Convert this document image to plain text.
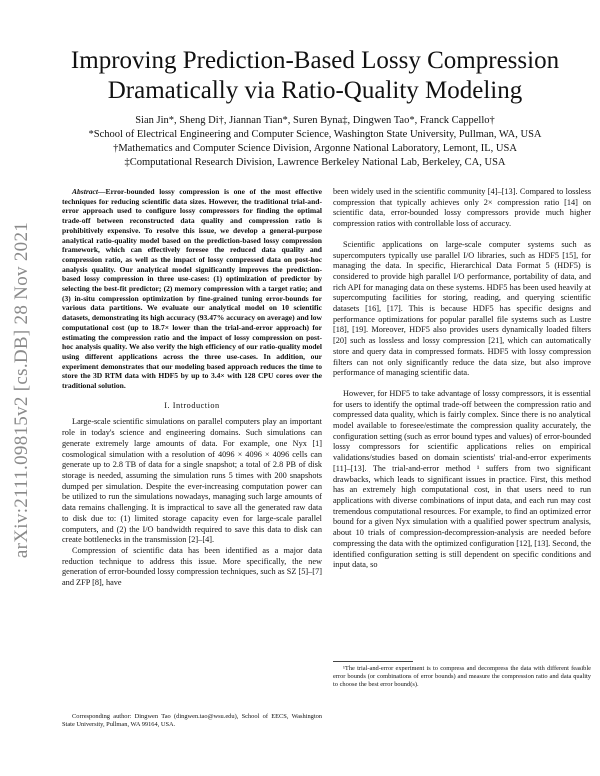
arXiv:2111.09815v2 [cs.DB] 28 Nov 2021
Improving Prediction-Based Lossy Compression
Dramatically via Ratio-Quality Modeling
Sian Jin*, Sheng Di†, Jiannan Tian*, Suren Byna‡, Dingwen Tao*, Franck Cappello†
*School of Electrical Engineering and Computer Science, Washington State University, Pullman, WA, USA
†Mathematics and Computer Science Division, Argonne National Laboratory, Lemont, IL, USA
‡Computational Research Division, Lawrence Berkeley National Lab, Berkeley, CA, USA

Abstract—Error-bounded lossy compression is one of the most effective techniques for reducing scientific data sizes. However, the traditional trial-and-error approach used to configure lossy compressors for finding the optimal trade-off between reconstructed data quality and compression ratio is prohibitively expensive. To resolve this issue, we develop a general-purpose analytical ratio-quality model based on the prediction-based lossy compression framework, which can effectively foresee the reduced data quality and compression ratio, as well as the impact of lossy compressed data on post-hoc analysis quality. Our analytical model significantly improves the prediction-based lossy compression in three use-cases: (1) optimization of predictor by selecting the best-fit predictor; (2) memory compression with a target ratio; and (3) in-situ compression optimization by fine-grained tuning error-bounds for various data partitions. We evaluate our analytical model on 10 scientific datasets, demonstrating its high accuracy (93.47% accuracy on average) and low computational cost (up to 18.7× lower than the trial-and-error approach) for estimating the compression ratio and the impact of lossy compression on post-hoc analysis quality. We also verify the high efficiency of our ratio-quality model using different applications across the three use-cases. In addition, our experiment demonstrates that our modeling based approach reduces the time to store the 3D RTM data with HDF5 by up to 3.4× with 128 CPU cores over the traditional solution.

I. Introduction

Large-scale scientific simulations on parallel computers play an important role in today's science and engineering domains. Such simulations can generate extremely large amounts of data. For example, one Nyx [1] cosmological simulation with a resolution of 4096 × 4096 × 4096 cells can generate up to 2.8 TB of data for a single snapshot; a total of 2.8 PB of disk storage is needed, assuming the simulation runs 5 times with 200 snapshots dumped per simulation. Despite the ever-increasing computation power can be utilized to run the simulations nowadays, managing such large amounts of data remains challenging. It is impractical to save all the generated raw data to disk due to: (1) limited storage capacity even for large-scale parallel computers, and (2) the I/O bandwidth required to save this data to disk can create bottlenecks in the transmission [2]–[4].

Compression of scientific data has been identified as a major data reduction technique to address this issue. More specifically, the new generation of error-bounded lossy compression techniques, such as SZ [5]–[7] and ZFP [8], have

Corresponding author: Dingwen Tao (dingwen.tao@wsu.edu), School of EECS, Washington State University, Pullman, WA 99164, USA.

been widely used in the scientific community [4]–[13]. Compared to lossless compression that typically achieves only 2× compression ratio [14] on scientific data, error-bounded lossy compressors provide much higher compression ratios with controllable loss of accuracy.

Scientific applications on large-scale computer systems such as supercomputers typically use parallel I/O libraries, such as HDF5 [15], for managing the data. In specific, Hierarchical Data Format 5 (HDF5) is considered to provide high parallel I/O performance, portability of data, and rich API for managing data on these systems. HDF5 has been used heavily at supercomputing facilities for storing, reading, and querying scientific datasets [16], [17]. This is because HDF5 has specific designs and performance optimizations for popular parallel file systems such as Lustre [18], [19]. Moreover, HDF5 also provides users dynamically loaded filters [20] such as lossless and lossy compression [21], which can automatically store and query data in compressed formats. HDF5 with lossy compression filters can not only significantly reduce the data size, but also improve performance of managing scientific data.

However, for HDF5 to take advantage of lossy compressors, it is essential for users to identify the optimal trade-off between the compression ratio and compressed data quality, which is fairly complex. Since there is no analytical model available to foresee/estimate the compression quality accurately, the configuration setting (such as error bound types and values) of error-bounded lossy compressors for scientific applications relies on empirical validations/studies based on domain scientists' trial-and-error experiments [11]–[13]. The trial-and-error method ¹ suffers from two significant drawbacks, which leads to significant issues in practice. First, this method has an extremely high computational cost, in that users need to run applications with diverse combinations of input data, and each run may cost tremendous computational resources. For example, to find an optimized error bound for a given Nyx simulation with a qualified power spectrum analysis, about 10 trials of compression-decompression-analysis are needed before compressing the data with the optimized configuration [12], [13]. Second, the identified configuration setting is still dependent on specific conditions and input data, so

¹The trial-and-error experiment is to compress and decompress the data with different feasible error bounds (or combinations of error bounds) and measure the compression ratio and data quality to choose the best error bound(s).
